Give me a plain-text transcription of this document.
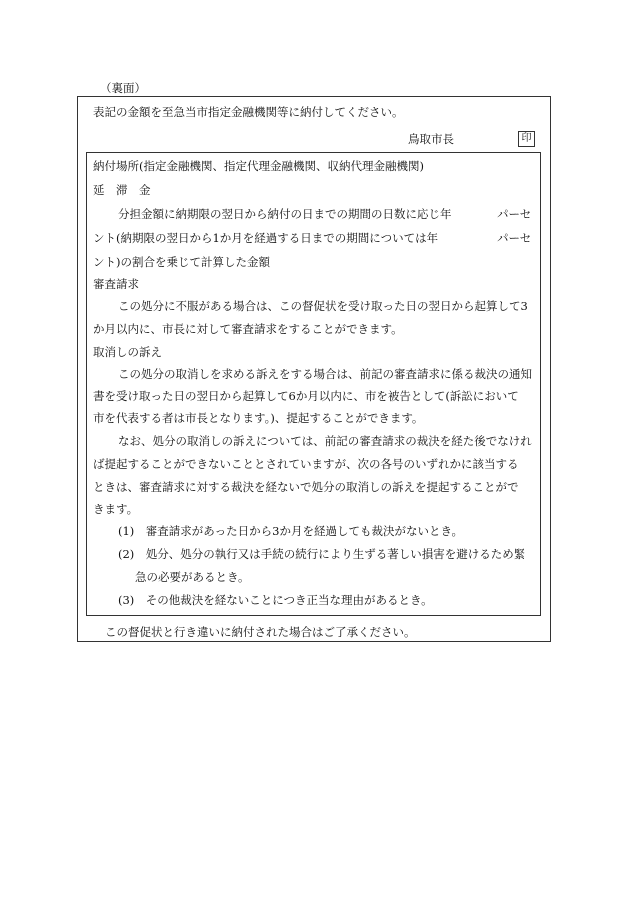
（裏面）
表記の金額を至急当市指定金融機関等に納付してください。
鳥取市長	印
納付場所(指定金融機関、指定代理金融機関、収納代理金融機関)
延　滞　金
分担金額に納期限の翌日から納付の日までの期間の日数に応じ年	パーセ
ント(納期限の翌日から1か月を経過する日までの期間については年	パーセ
ント)の割合を乗じて計算した金額
審査請求
この処分に不服がある場合は、この督促状を受け取った日の翌日から起算して3
か月以内に、市長に対して審査請求をすることができます。
取消しの訴え
この処分の取消しを求める訴えをする場合は、前記の審査請求に係る裁決の通知
書を受け取った日の翌日から起算して6か月以内に、市を被告として(訴訟において
市を代表する者は市長となります。)、提起することができます。
なお、処分の取消しの訴えについては、前記の審査請求の裁決を経た後でなけれ
ば提起することができないこととされていますが、次の各号のいずれかに該当する
ときは、審査請求に対する裁決を経ないで処分の取消しの訴えを提起することがで
きます。
(1)　審査請求があった日から3か月を経過しても裁決がないとき。
(2)　処分、処分の執行又は手続の続行により生ずる著しい損害を避けるため緊
急の必要があるとき。
(3)　その他裁決を経ないことにつき正当な理由があるとき。
この督促状と行き違いに納付された場合はご了承ください。
